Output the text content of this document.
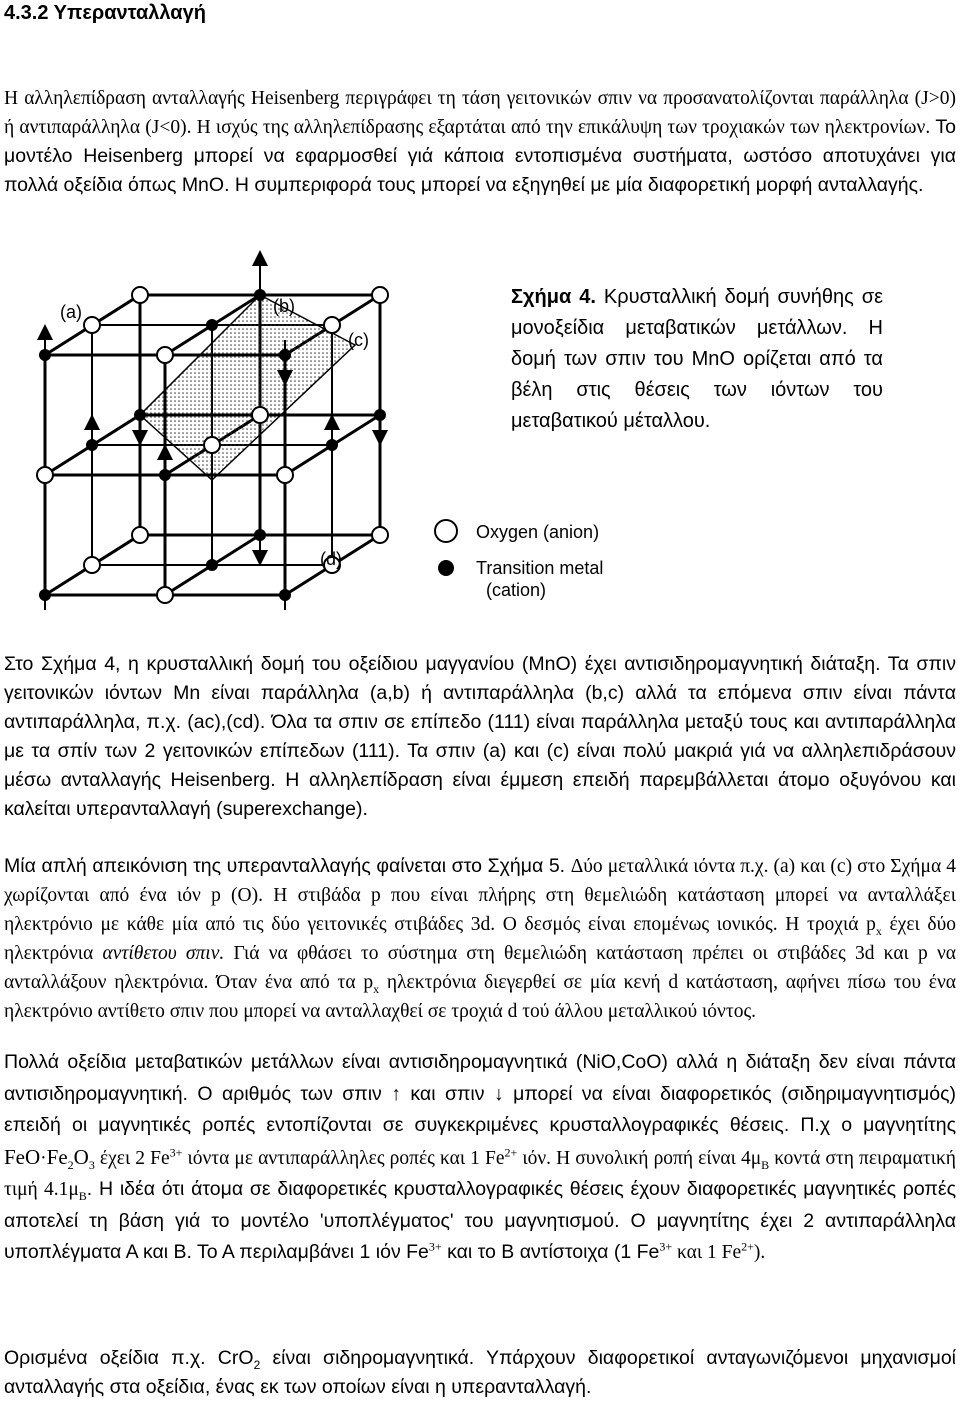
4.3.2 Υπερανταλλαγή

Η αλληλεπίδραση ανταλλαγής Heisenberg περιγράφει τη τάση γειτονικών σπιν να προσανατολίζονται παράλληλα (J>0) ή αντιπαράλληλα (J<0). Η ισχύς της αλληλεπίδρασης εξαρτάται από την επικάλυψη των τροχιακών των ηλεκτρονίων. Το μοντέλο Heisenberg μπορεί να εφαρμοσθεί γιά κάποια εντοπισμένα συστήματα, ωστόσο αποτυχάνει για πολλά οξείδια όπως MnO. Η συμπεριφορά τους μπορεί να εξηγηθεί με μία διαφορετική μορφή ανταλλαγής.

(a)	(b)
(c)
(d)
Σχήμα 4. Κρυσταλλική δομή συνήθης σε μονοξείδια μεταβατικών μετάλλων. Η δομή των σπιν του MnO ορίζεται από τα βέλη στις θέσεις των ιόντων του μεταβατικού μέταλλου.
Oxygen (anion)
Transition metal
(cation)

Στο Σχήμα 4, η κρυσταλλική δομή του οξείδιου μαγγανίου (MnO) έχει αντισιδηρομαγνητική διάταξη. Τα σπιν γειτονικών ιόντων Mn είναι παράλληλα (a,b) ή αντιπαράλληλα (b,c) αλλά τα επόμενα σπιν είναι πάντα αντιπαράλληλα, π.χ. (ac),(cd). Όλα τα σπιν σε επίπεδο (111) είναι παράλληλα μεταξύ τους και αντιπαράλληλα με τα σπίν των 2 γειτονικών επίπεδων (111). Τα σπιν (a) και (c) είναι πολύ μακριά γιά να αλληλεπιδράσουν μέσω ανταλλαγής Heisenberg. Η αλληλεπίδραση είναι έμμεση επειδή παρεμβάλλεται άτομο οξυγόνου και καλείται υπερανταλλαγή (superexchange).

Μία απλή απεικόνιση της υπερανταλλαγής φαίνεται στο Σχήμα 5. Δύο μεταλλικά ιόντα π.χ. (a) και (c) στο Σχήμα 4 χωρίζονται από ένα ιόν p (O). Η στιβάδα p που είναι πλήρης στη θεμελιώδη κατάσταση μπορεί να ανταλλάξει ηλεκτρόνιο με κάθε μία από τις δύο γειτονικές στιβάδες 3d. Ο δεσμός είναι επομένως ιονικός. Η τροχιά $p_x$ έχει δύο ηλεκτρόνια αντίθετου σπιν. Γιά να φθάσει το σύστημα στη θεμελιώδη κατάσταση πρέπει οι στιβάδες 3d και p να ανταλλάξουν ηλεκτρόνια. Όταν ένα από τα $p_x$ ηλεκτρόνια διεγερθεί σε μία κενή d κατάσταση, αφήνει πίσω του ένα ηλεκτρόνιο αντίθετο σπιν που μπορεί να ανταλλαχθεί σε τροχιά d τού άλλου μεταλλικού ιόντος.

Πολλά οξείδια μεταβατικών μετάλλων είναι αντισιδηρομαγνητικά (NiO,CoO) αλλά η διάταξη δεν είναι πάντα αντισιδηρομαγνητική. Ο αριθμός των σπιν ↑ και σπιν ↓ μπορεί να είναι διαφορετικός (σιδηριμαγνητισμός) επειδή οι μαγνητικές ροπές εντοπίζονται σε συγκεκριμένες κρυσταλλογραφικές θέσεις. Π.χ ο μαγνητίτης $FeO\cdot Fe_2O_3$ έχει 2 $Fe^{3+}$ ιόντα με αντιπαράλληλες ροπές και 1 $Fe^{2+}$ ιόν. Η συνολική ροπή είναι $4\mu_B$ κοντά στη πειραματική τιμή $4.1\mu_B$. Η ιδέα ότι άτομα σε διαφορετικές κρυσταλλογραφικές θέσεις έχουν διαφορετικές μαγνητικές ροπές αποτελεί τη βάση γιά το μοντέλο 'υποπλέγματος' του μαγνητισμού. Ο μαγνητίτης έχει 2 αντιπαράλληλα υποπλέγματα Α και Β. Το Α περιλαμβάνει 1 ιόν $Fe^{3+}$ και το Β αντίστοιχα (1 $Fe^{3+}$ και 1 $Fe^{2+}$).

Ορισμένα οξείδια π.χ. CrO$_2$ είναι σιδηρομαγνητικά. Υπάρχουν διαφορετικοί ανταγωνιζόμενοι μηχανισμοί ανταλλαγής στα οξείδια, ένας εκ των οποίων είναι η υπερανταλλαγή.
